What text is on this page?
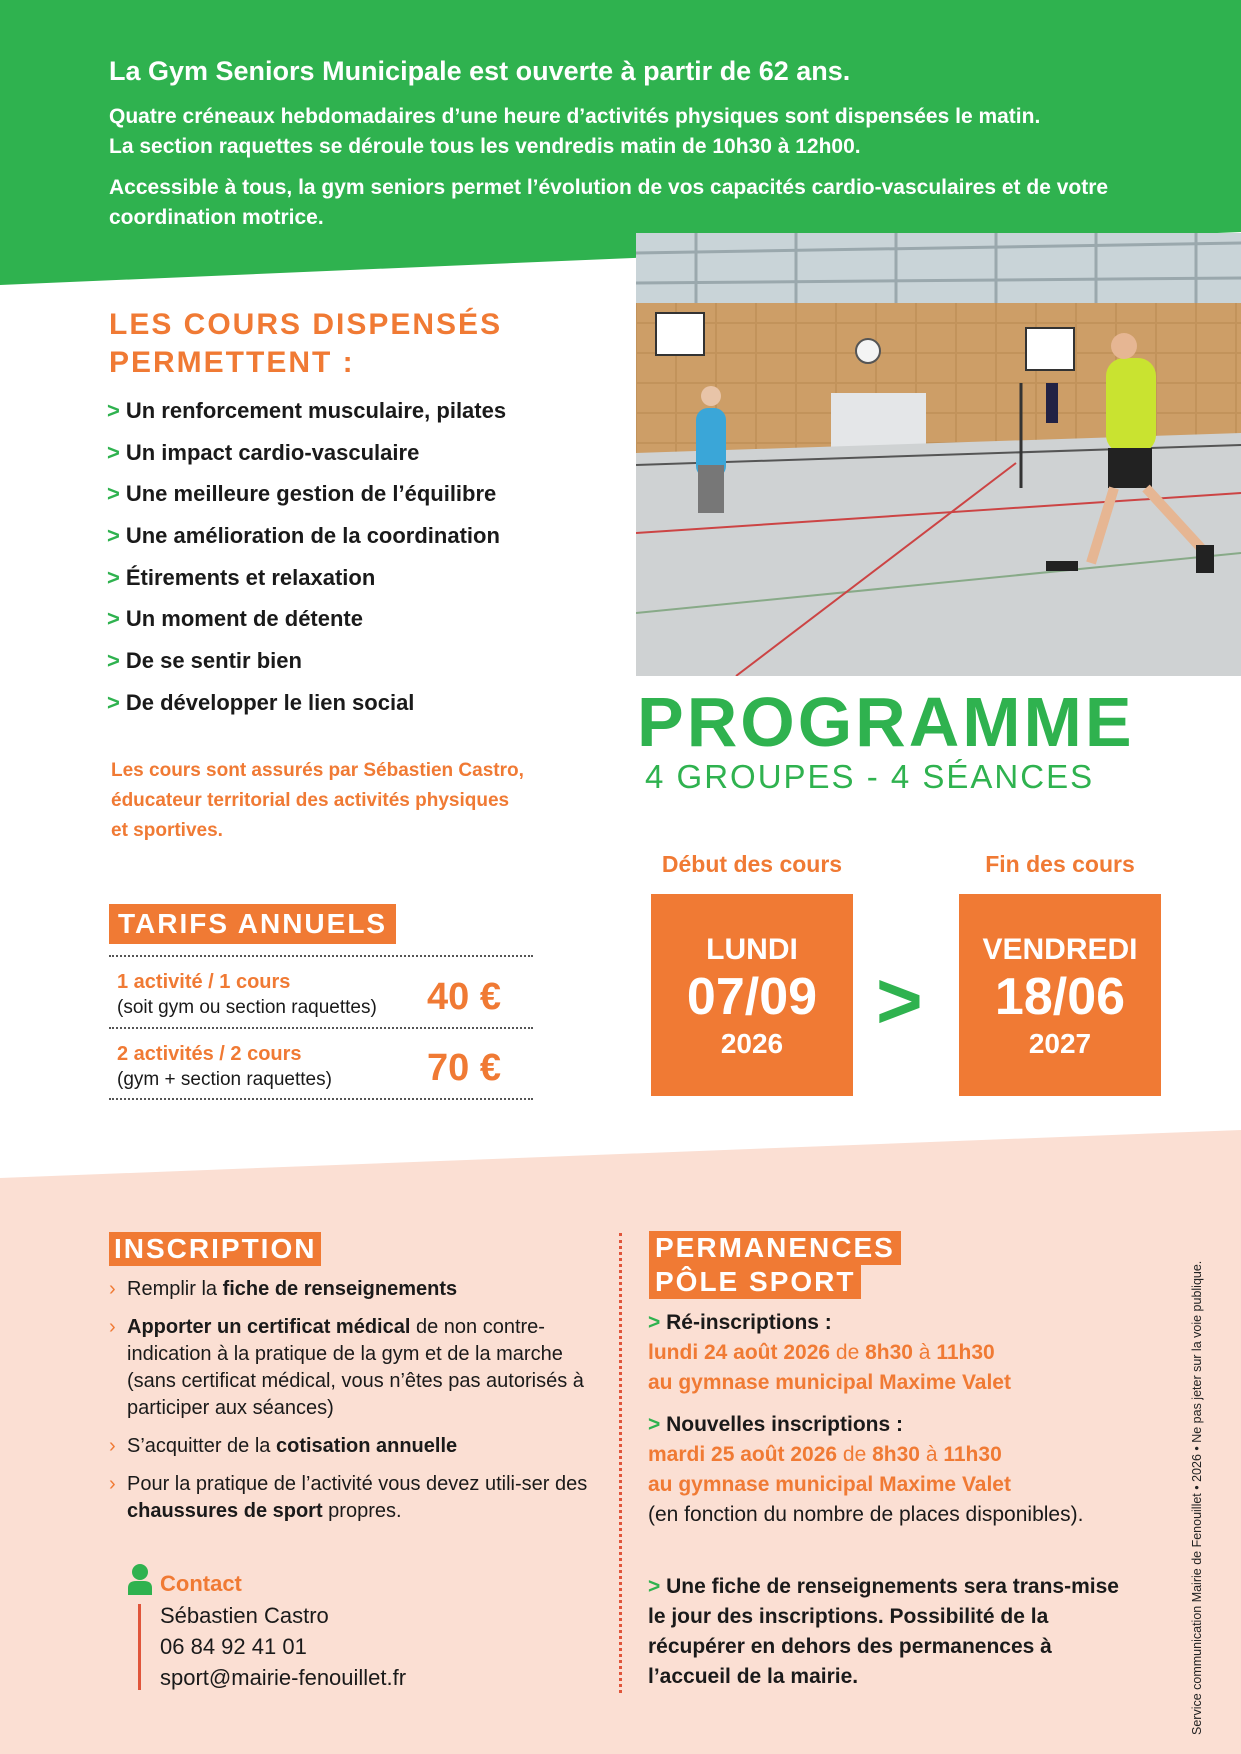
La Gym Seniors Municipale est ouverte à partir de 62 ans.
Quatre créneaux hebdomadaires d’une heure d’activités physiques sont dispensées le matin.
La section raquettes se déroule tous les vendredis matin de 10h30 à 12h00.
Accessible à tous, la gym seniors permet l’évolution de vos capacités cardio-vasculaires et de votre coordination motrice.
LES COURS DISPENSÉS
PERMETTENT :
> Un renforcement musculaire, pilates
> Un impact cardio-vasculaire
> Une meilleure gestion de l’équilibre
> Une amélioration de la coordination
> Étirements et relaxation
> Un moment de détente
> De se sentir bien
> De développer le lien social
Les cours sont assurés par Sébastien Castro,
éducateur territorial des activités physiques
et sportives.
PROGRAMME
4 GROUPES - 4 SÉANCES
Début des cours
LUNDI
07/09
2026	>
Fin des cours
VENDREDI
18/06
2027
TARIFS ANNUELS
1 activité / 1 cours
(soit gym ou section raquettes) 40 €
2 activités / 2 cours
(gym + section raquettes)	70 €
INSCRIPTION
› Remplir la fiche de renseignements
› Apporter un certificat médical de non contre-indication à la pratique de la gym et de la marche (sans certificat médical, vous n’êtes pas autorisés à participer aux séances)
› S’acquitter de la cotisation annuelle
› Pour la pratique de l’activité vous devez utili-ser des chaussures de sport propres.
Contact
Sébastien Castro
06 84 92 41 01
sport@mairie-fenouillet.fr
PERMANENCES
PÔLE SPORT
> Ré-inscriptions :
lundi 24 août 2026 de 8h30 à 11h30
au gymnase municipal Maxime Valet
> Nouvelles inscriptions :
mardi 25 août 2026 de 8h30 à 11h30
au gymnase municipal Maxime Valet
(en fonction du nombre de places disponibles).
> Une fiche de renseignements sera trans-mise le jour des inscriptions. Possibilité de la récupérer en dehors des permanences à l’accueil de la mairie.	Service communication Mairie de Fenouillet • 2026 • Ne pas jeter sur la voie publique.
